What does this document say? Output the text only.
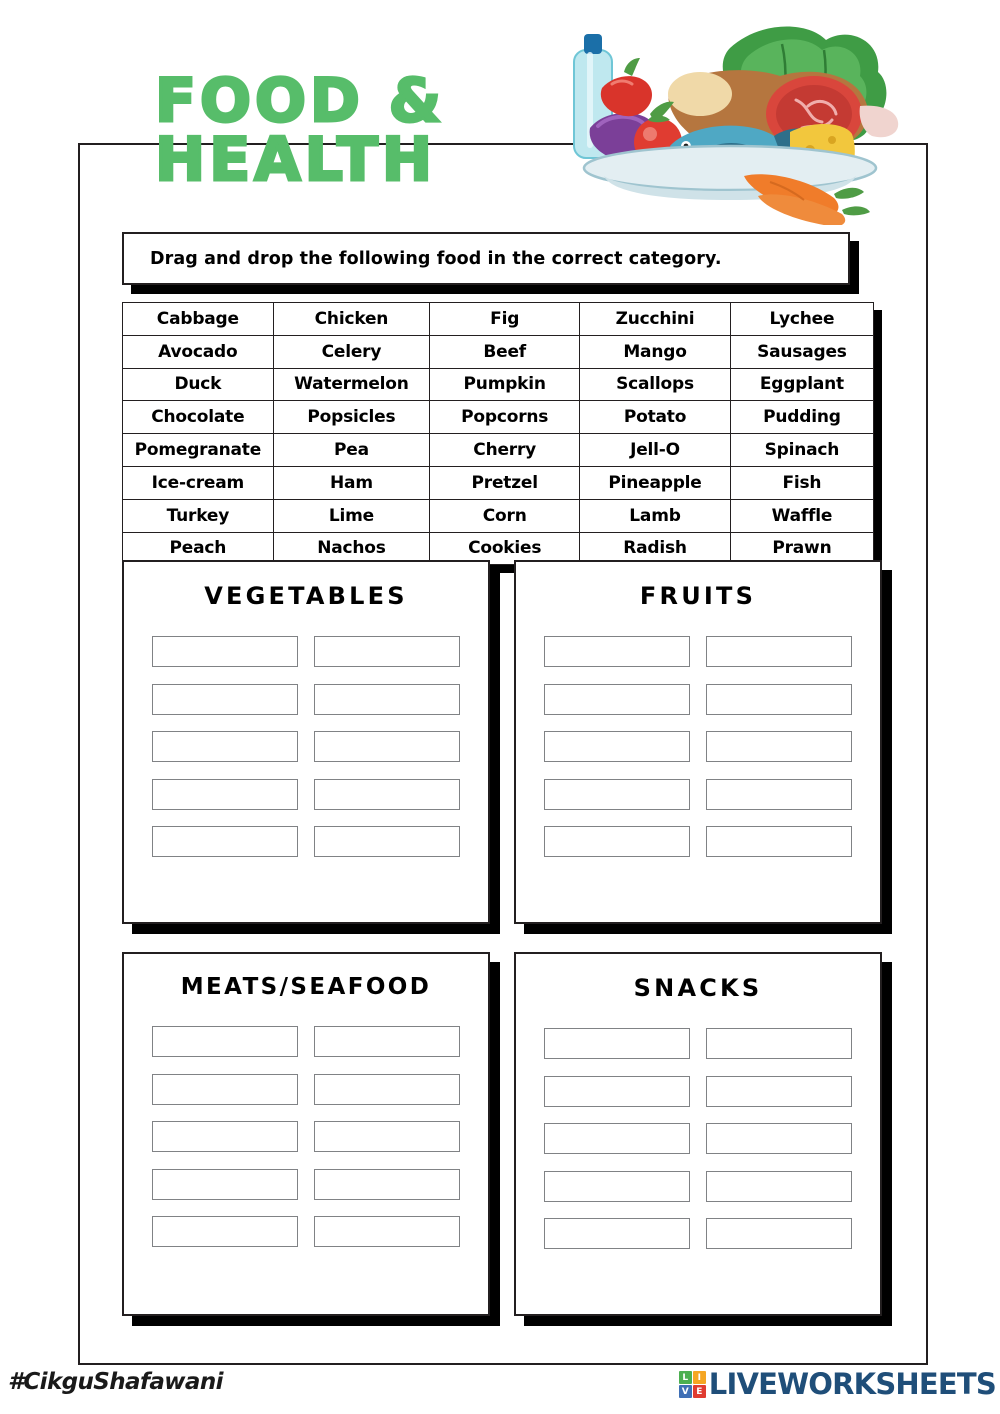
FOOD &
HEALTH
Drag and drop the following food in the correct category.
Cabbage	Chicken	Fig	Zucchini	Lychee
Avocado	Celery	Beef	Mango	Sausages
Duck	Watermelon	Pumpkin	Scallops	Eggplant
Chocolate	Popsicles	Popcorns	Potato	Pudding
Pomegranate	Pea	Cherry	Jell-O	Spinach
Ice-cream	Ham	Pretzel	Pineapple	Fish
Turkey	Lime	Corn	Lamb	Waffle
Peach	Nachos	Cookies	Radish	Prawn
VEGETABLES	FRUITS
MEATS/SEAFOOD	SNACKS
#CikguShafawani	L	I
V E LIVEWORKSHEETS
